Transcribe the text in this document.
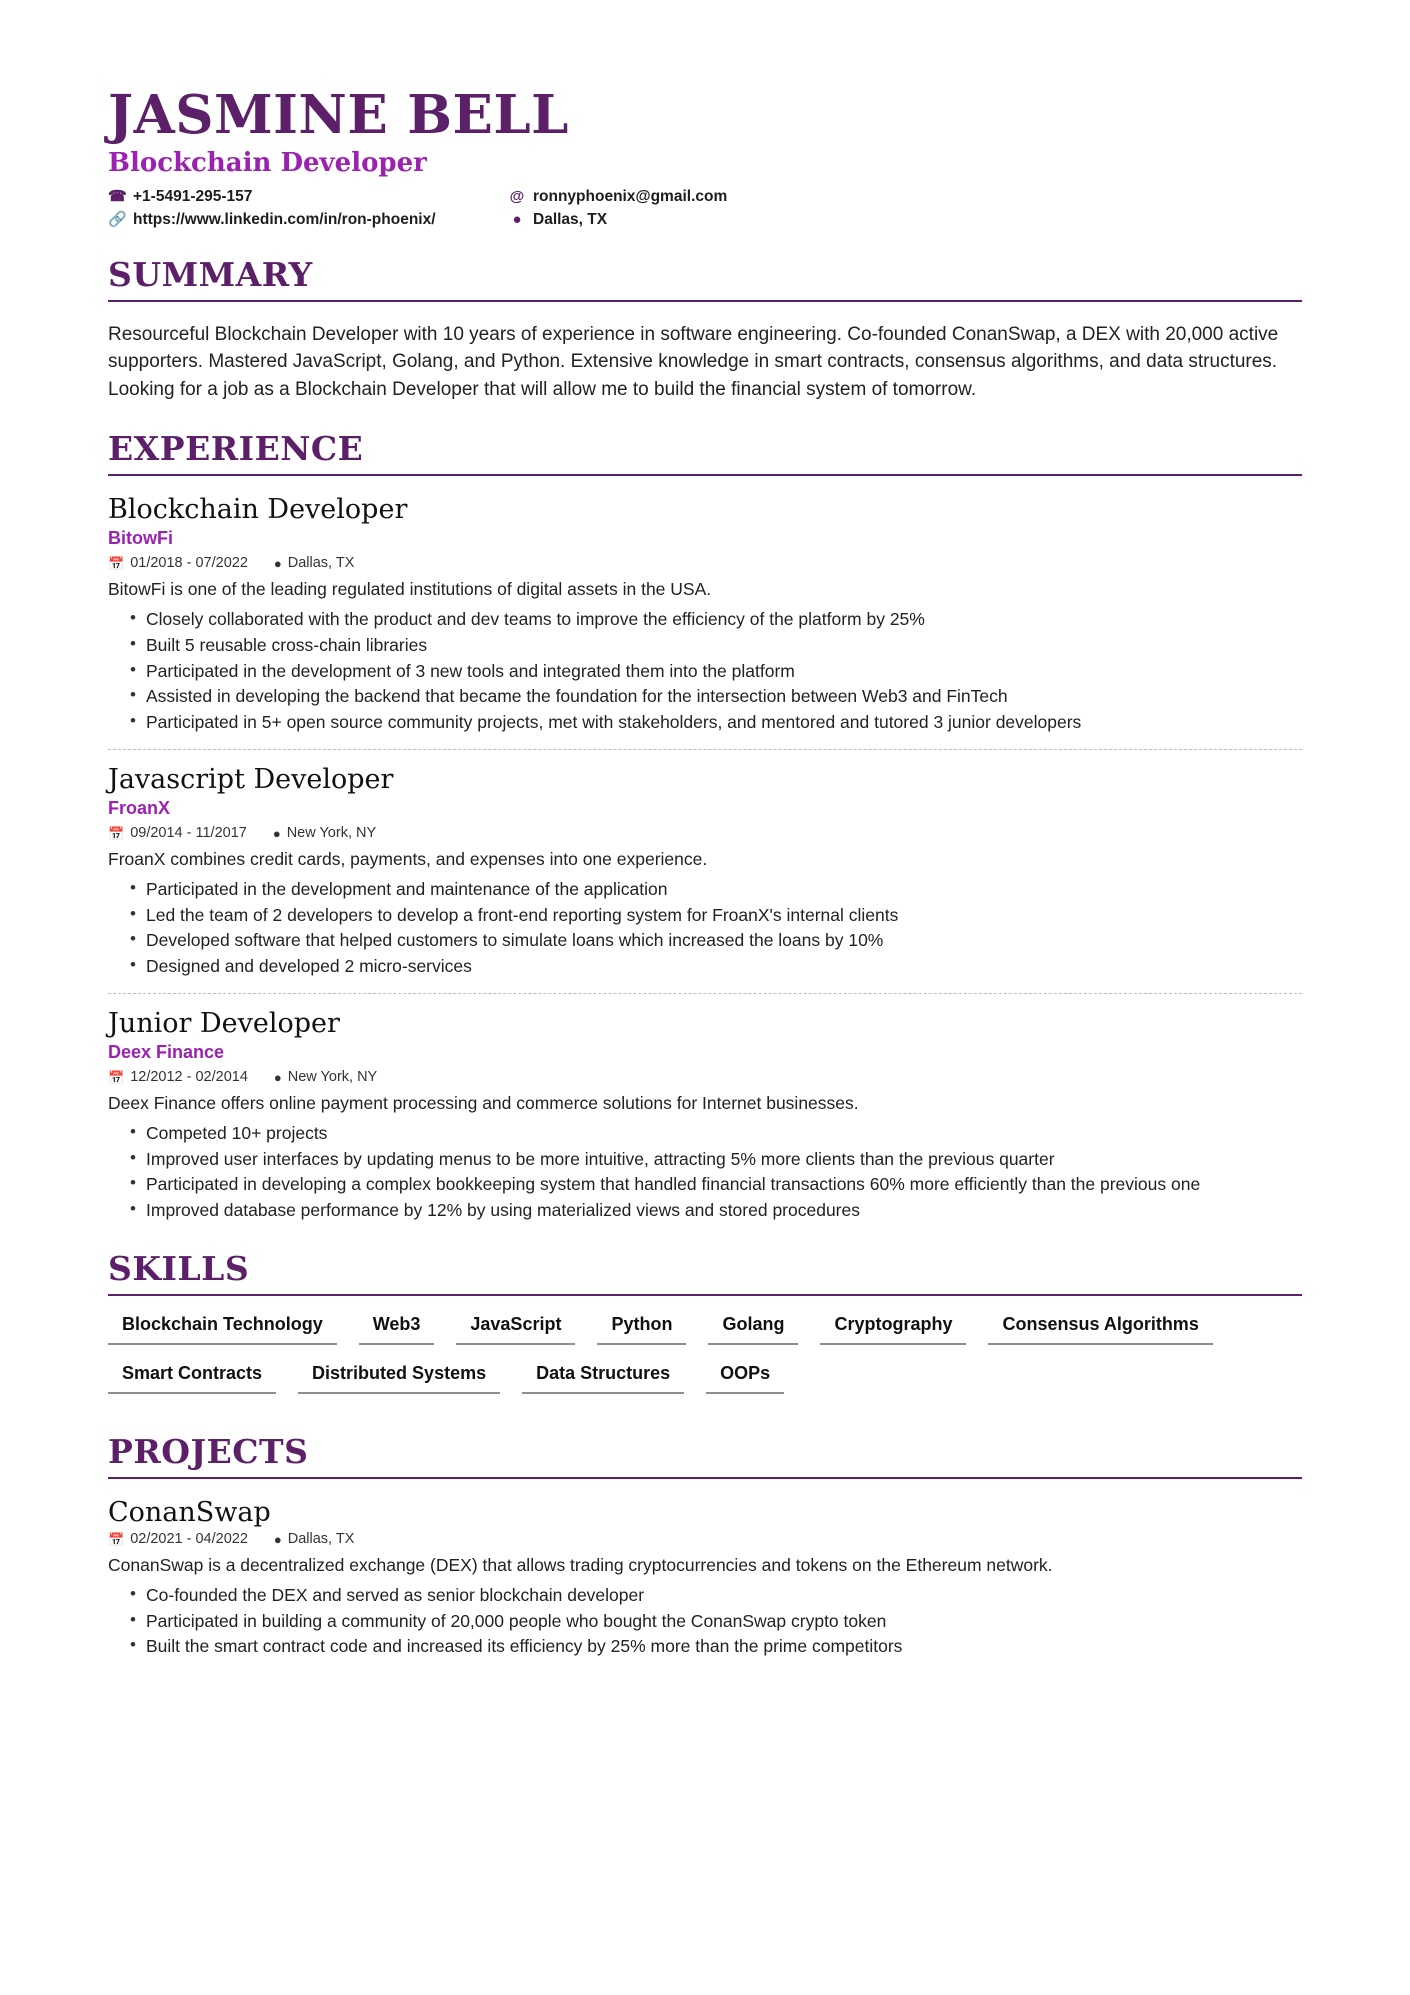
JASMINE BELL
Blockchain Developer
☎ +1-5491-295-157	@ ronnyphoenix@gmail.com
🔗 https://www.linkedin.com/in/ron-phoenix/	● Dallas, TX
SUMMARY

Resourceful Blockchain Developer with 10 years of experience in software engineering. Co-founded ConanSwap, a DEX with 20,000 active supporters. Mastered JavaScript, Golang, and Python. Extensive knowledge in smart contracts, consensus algorithms, and data structures. Looking for a job as a Blockchain Developer that will allow me to build the financial system of tomorrow.

EXPERIENCE
Blockchain Developer
BitowFi
📅 01/2018 - 07/2022 ● Dallas, TX

BitowFi is one of the leading regulated institutions of digital assets in the USA.

• Closely collaborated with the product and dev teams to improve the efficiency of the platform by 25%
• Built 5 reusable cross-chain libraries
• Participated in the development of 3 new tools and integrated them into the platform
• Assisted in developing the backend that became the foundation for the intersection between Web3 and FinTech
• Participated in 5+ open source community projects, met with stakeholders, and mentored and tutored 3 junior developers
Javascript Developer
FroanX
📅 09/2014 - 11/2017 ● New York, NY

FroanX combines credit cards, payments, and expenses into one experience.

• Participated in the development and maintenance of the application
• Led the team of 2 developers to develop a front-end reporting system for FroanX's internal clients
• Developed software that helped customers to simulate loans which increased the loans by 10%
• Designed and developed 2 micro-services
Junior Developer
Deex Finance
📅 12/2012 - 02/2014 ● New York, NY

Deex Finance offers online payment processing and commerce solutions for Internet businesses.

• Competed 10+ projects
• Improved user interfaces by updating menus to be more intuitive, attracting 5% more clients than the previous quarter
• Participated in developing a complex bookkeeping system that handled financial transactions 60% more efficiently than the previous one
• Improved database performance by 12% by using materialized views and stored procedures
SKILLS
Blockchain Technology	Web3	JavaScript	Python	Golang	Cryptography	Consensus Algorithms
Smart Contracts	Distributed Systems	Data Structures	OOPs
PROJECTS
ConanSwap
📅 02/2021 - 04/2022 ● Dallas, TX

ConanSwap is a decentralized exchange (DEX) that allows trading cryptocurrencies and tokens on the Ethereum network.

• Co-founded the DEX and served as senior blockchain developer
• Participated in building a community of 20,000 people who bought the ConanSwap crypto token
• Built the smart contract code and increased its efficiency by 25% more than the prime competitors
